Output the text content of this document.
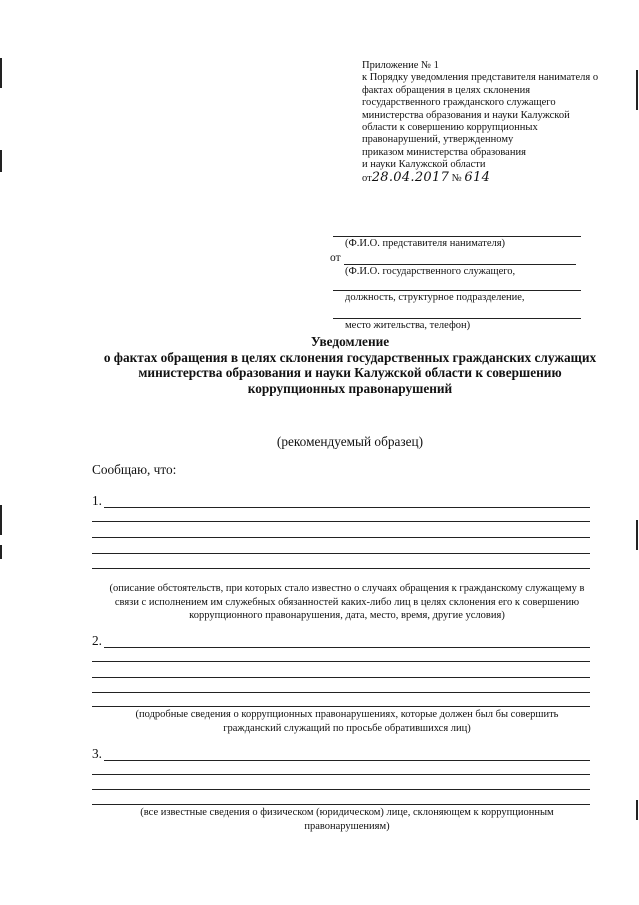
Приложение № 1
к Порядку уведомления представителя нанимателя о
фактах обращения в целях склонения
государственного гражданского служащего
министерства образования и науки Калужской
области к совершению коррупционных
правонарушений, утвержденному
приказом министерства образования
и науки Калужской области
от28.04.2017 № 614
(Ф.И.О. представителя нанимателя)
от
(Ф.И.О. государственного служащего,
должность, структурное подразделение,
место жительства, телефон)
Уведомление
о фактах обращения в целях склонения государственных гражданских служащих
министерства образования и науки Калужской области к совершению
коррупционных правонарушений
(рекомендуемый образец)
Сообщаю, что:
1.
(описание обстоятельств, при которых стало известно о случаях обращения к гражданскому служащему в
связи с исполнением им служебных обязанностей каких-либо лиц в целях склонения его к совершению
коррупционного правонарушения, дата, место, время, другие условия)
2.
(подробные сведения о коррупционных правонарушениях, которые должен был бы совершить
гражданский служащий по просьбе обратившихся лиц)
3.
(все известные сведения о физическом (юридическом) лице, склоняющем к коррупционным
правонарушениям)
